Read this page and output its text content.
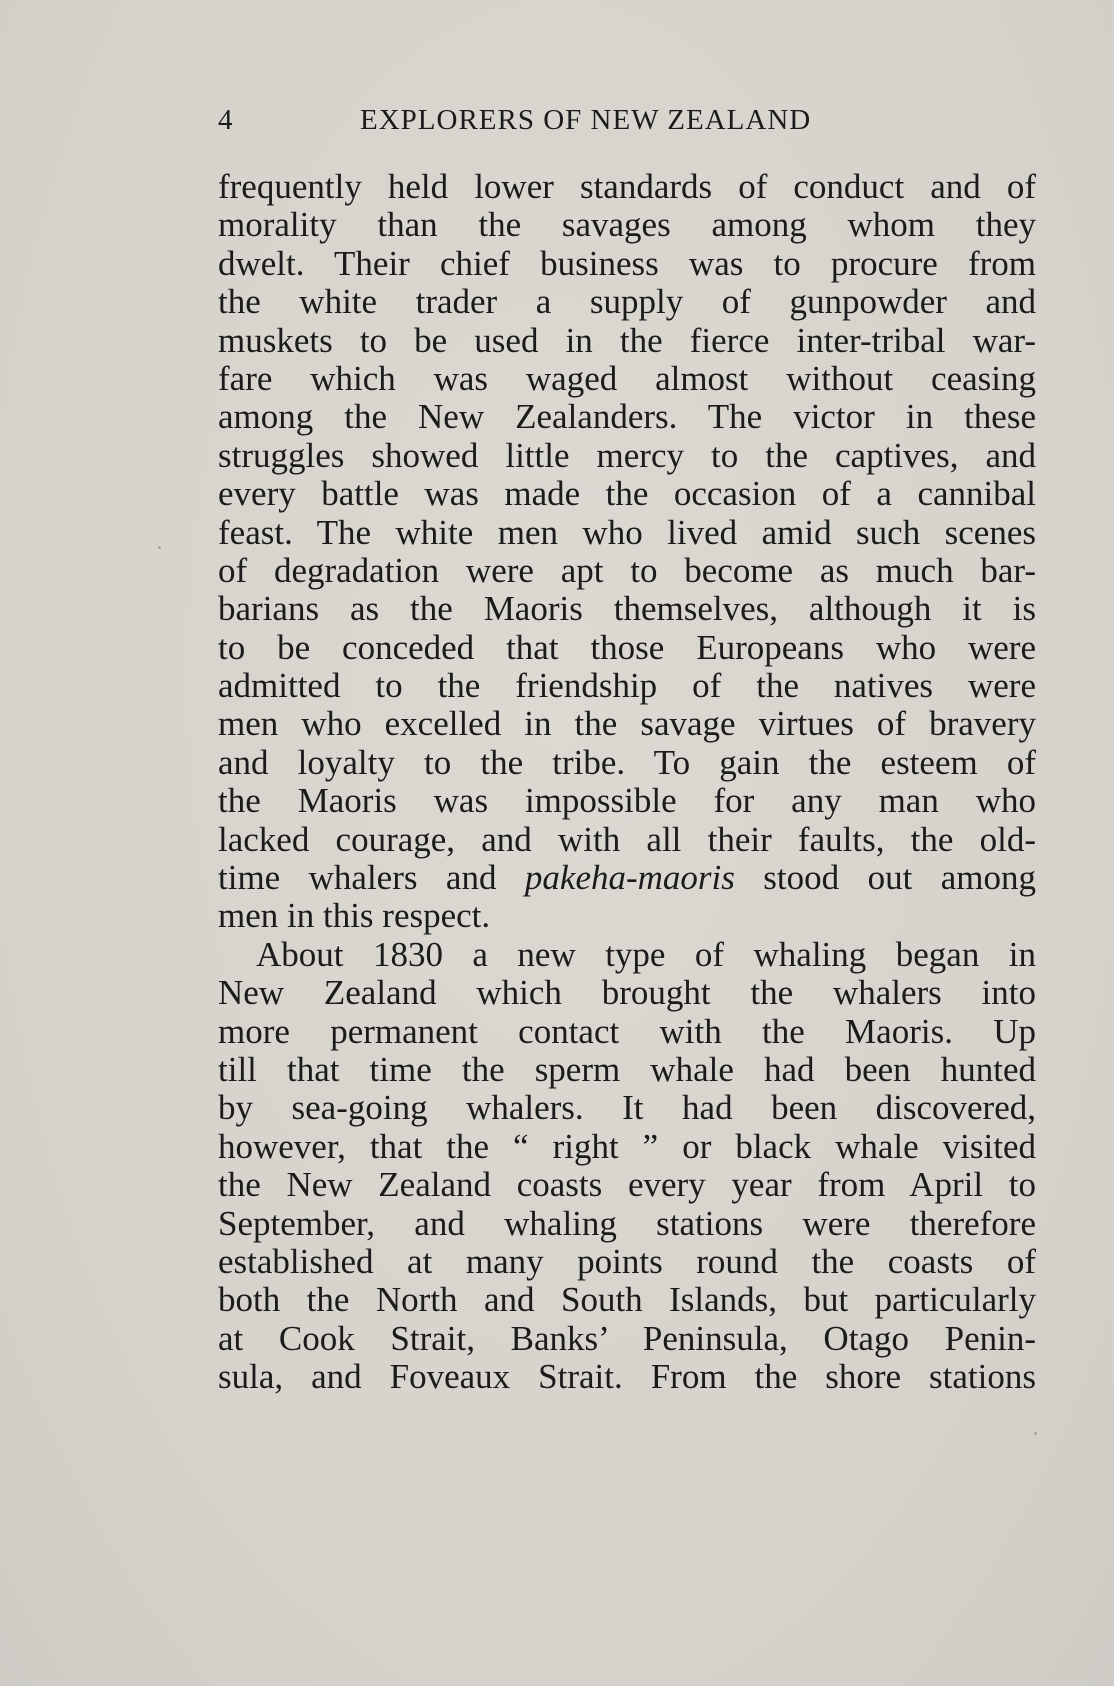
4	EXPLORERS OF NEW ZEALAND
frequently held lower standards of conduct and of
morality than the savages among whom they
dwelt. Their chief business was to procure from
the white trader a supply of gunpowder and
muskets to be used in the fierce inter-tribal war-
fare which was waged almost without ceasing
among the New Zealanders. The victor in these
struggles showed little mercy to the captives, and
every battle was made the occasion of a cannibal
feast. The white men who lived amid such scenes
of degradation were apt to become as much bar-
barians as the Maoris themselves, although it is
to be conceded that those Europeans who were
admitted to the friendship of the natives were
men who excelled in the savage virtues of bravery
and loyalty to the tribe. To gain the esteem of
the Maoris was impossible for any man who
lacked courage, and with all their faults, the old-
time whalers and pakeha-maoris stood out among
men in this respect.
About 1830 a new type of whaling began in
New Zealand which brought the whalers into
more permanent contact with the Maoris. Up
till that time the sperm whale had been hunted
by sea-going whalers. It had been discovered,
however, that the “ right ” or black whale visited
the New Zealand coasts every year from April to
September, and whaling stations were therefore
established at many points round the coasts of
both the North and South Islands, but particularly
at Cook Strait, Banks’ Peninsula, Otago Penin-
sula, and Foveaux Strait. From the shore stations
